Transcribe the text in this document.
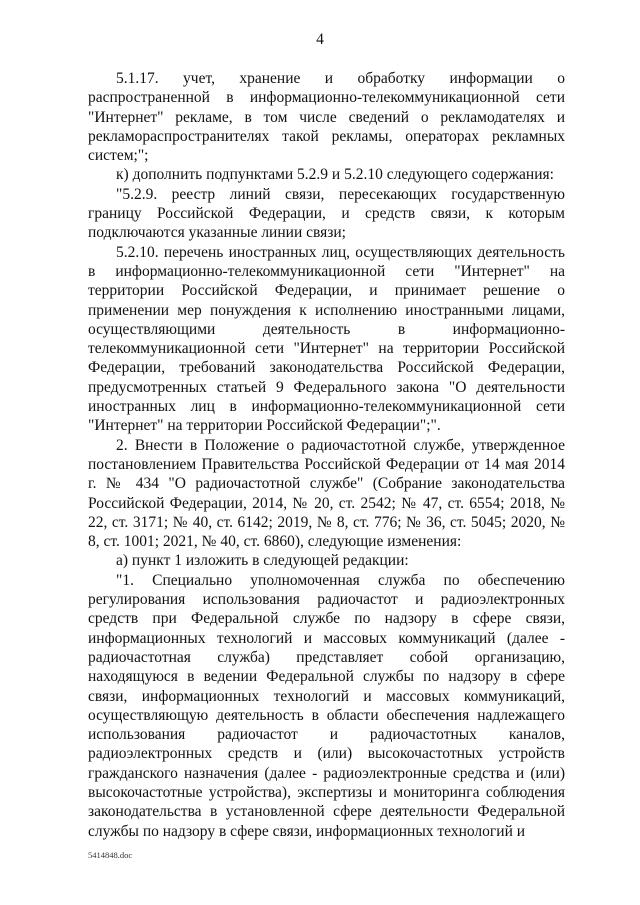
4

5.1.17. учет, хранение и обработку информации о распространенной в информационно-телекоммуникационной сети "Интернет" рекламе, в том числе сведений о рекламодателях и рекламораспространителях такой рекламы, операторах рекламных систем;";

к) дополнить подпунктами 5.2.9 и 5.2.10 следующего содержания:

"5.2.9. реестр линий связи, пересекающих государственную границу Российской Федерации, и средств связи, к которым подключаются указанные линии связи;

5.2.10. перечень иностранных лиц, осуществляющих деятельность в информационно-телекоммуникационной сети "Интернет" на территории Российской Федерации, и принимает решение о применении мер понуждения к исполнению иностранными лицами, осуществляющими деятельность в информационно-телекоммуникационной сети "Интернет" на территории Российской Федерации, требований законодательства Российской Федерации, предусмотренных статьей 9 Федерального закона "О деятельности иностранных лиц в информационно-телекоммуникационной сети "Интернет" на территории Российской Федерации";".

2. Внести в Положение о радиочастотной службе, утвержденное постановлением Правительства Российской Федерации от 14 мая 2014 г. № 434 "О радиочастотной службе" (Собрание законодательства Российской Федерации, 2014, № 20, ст. 2542; № 47, ст. 6554; 2018, № 22, ст. 3171; № 40, ст. 6142; 2019, № 8, ст. 776; № 36, ст. 5045; 2020, № 8, ст. 1001; 2021, № 40, ст. 6860), следующие изменения:

а) пункт 1 изложить в следующей редакции:

"1. Специально уполномоченная служба по обеспечению регулирования использования радиочастот и радиоэлектронных средств при Федеральной службе по надзору в сфере связи, информационных технологий и массовых коммуникаций (далее - радиочастотная служба) представляет собой организацию, находящуюся в ведении Федеральной службы по надзору в сфере связи, информационных технологий и массовых коммуникаций, осуществляющую деятельность в области обеспечения надлежащего использования радиочастот и радиочастотных каналов, радиоэлектронных средств и (или) высокочастотных устройств гражданского назначения (далее - радиоэлектронные средства и (или) высокочастотные устройства), экспертизы и мониторинга соблюдения законодательства в установленной сфере деятельности Федеральной службы по надзору в сфере связи, информационных технологий и

5414848.doc
